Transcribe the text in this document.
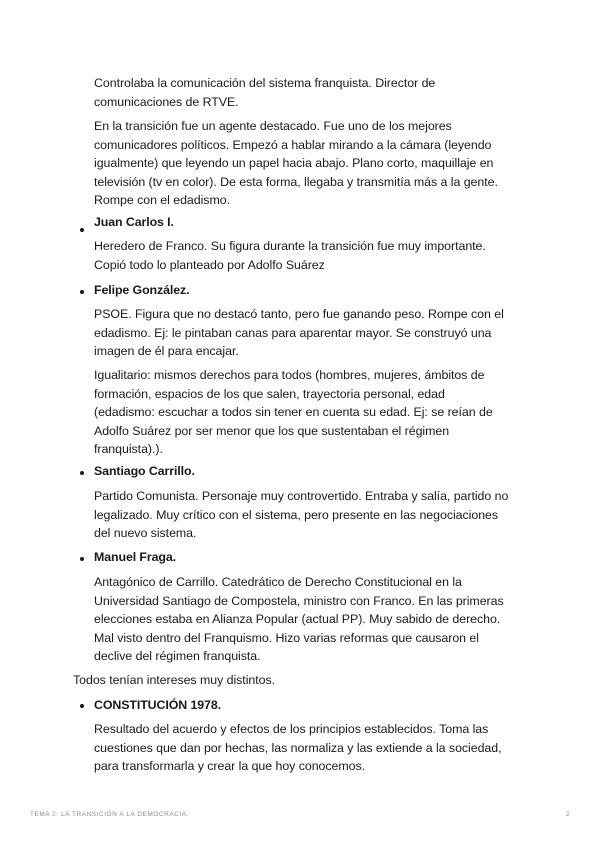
Controlaba la comunicación del sistema franquista. Director de
comunicaciones de RTVE.

En la transición fue un agente destacado. Fue uno de los mejores
comunicadores políticos. Empezó a hablar mirando a la cámara (leyendo
igualmente) que leyendo un papel hacia abajo. Plano corto, maquillaje en
televisión (tv en color). De esta forma, llegaba y transmitía más a la gente.
Rompe con el edadismo.

Juan Carlos I.

Heredero de Franco. Su figura durante la transición fue muy importante.
Copió todo lo planteado por Adolfo Suárez

Felipe González.

PSOE. Figura que no destacó tanto, pero fue ganando peso. Rompe con el
edadismo. Ej: le pintaban canas para aparentar mayor. Se construyó una
imagen de él para encajar.

Igualitario: mismos derechos para todos (hombres, mujeres, ámbitos de
formación, espacios de los que salen, trayectoria personal, edad
(edadismo: escuchar a todos sin tener en cuenta su edad. Ej: se reían de
Adolfo Suárez por ser menor que los que sustentaban el régimen
franquista).).

Santiago Carrillo.

Partido Comunista. Personaje muy controvertido. Entraba y salía, partido no
legalizado. Muy crítico con el sistema, pero presente en las negociaciones
del nuevo sistema.

Manuel Fraga.

Antagónico de Carrillo. Catedrático de Derecho Constitucional en la
Universidad Santiago de Compostela, ministro con Franco. En las primeras
elecciones estaba en Alianza Popular (actual PP). Muy sabido de derecho.
Mal visto dentro del Franquismo. Hizo varias reformas que causaron el
declive del régimen franquista.

Todos tenían intereses muy distintos.

CONSTITUCIÓN 1978.

Resultado del acuerdo y efectos de los principios establecidos. Toma las
cuestiones que dan por hechas, las normaliza y las extiende a la sociedad,
para transformarla y crear la que hoy conocemos.

TEMA 2: LA TRANSICIÓN A LA DEMOCRACIA.	2
